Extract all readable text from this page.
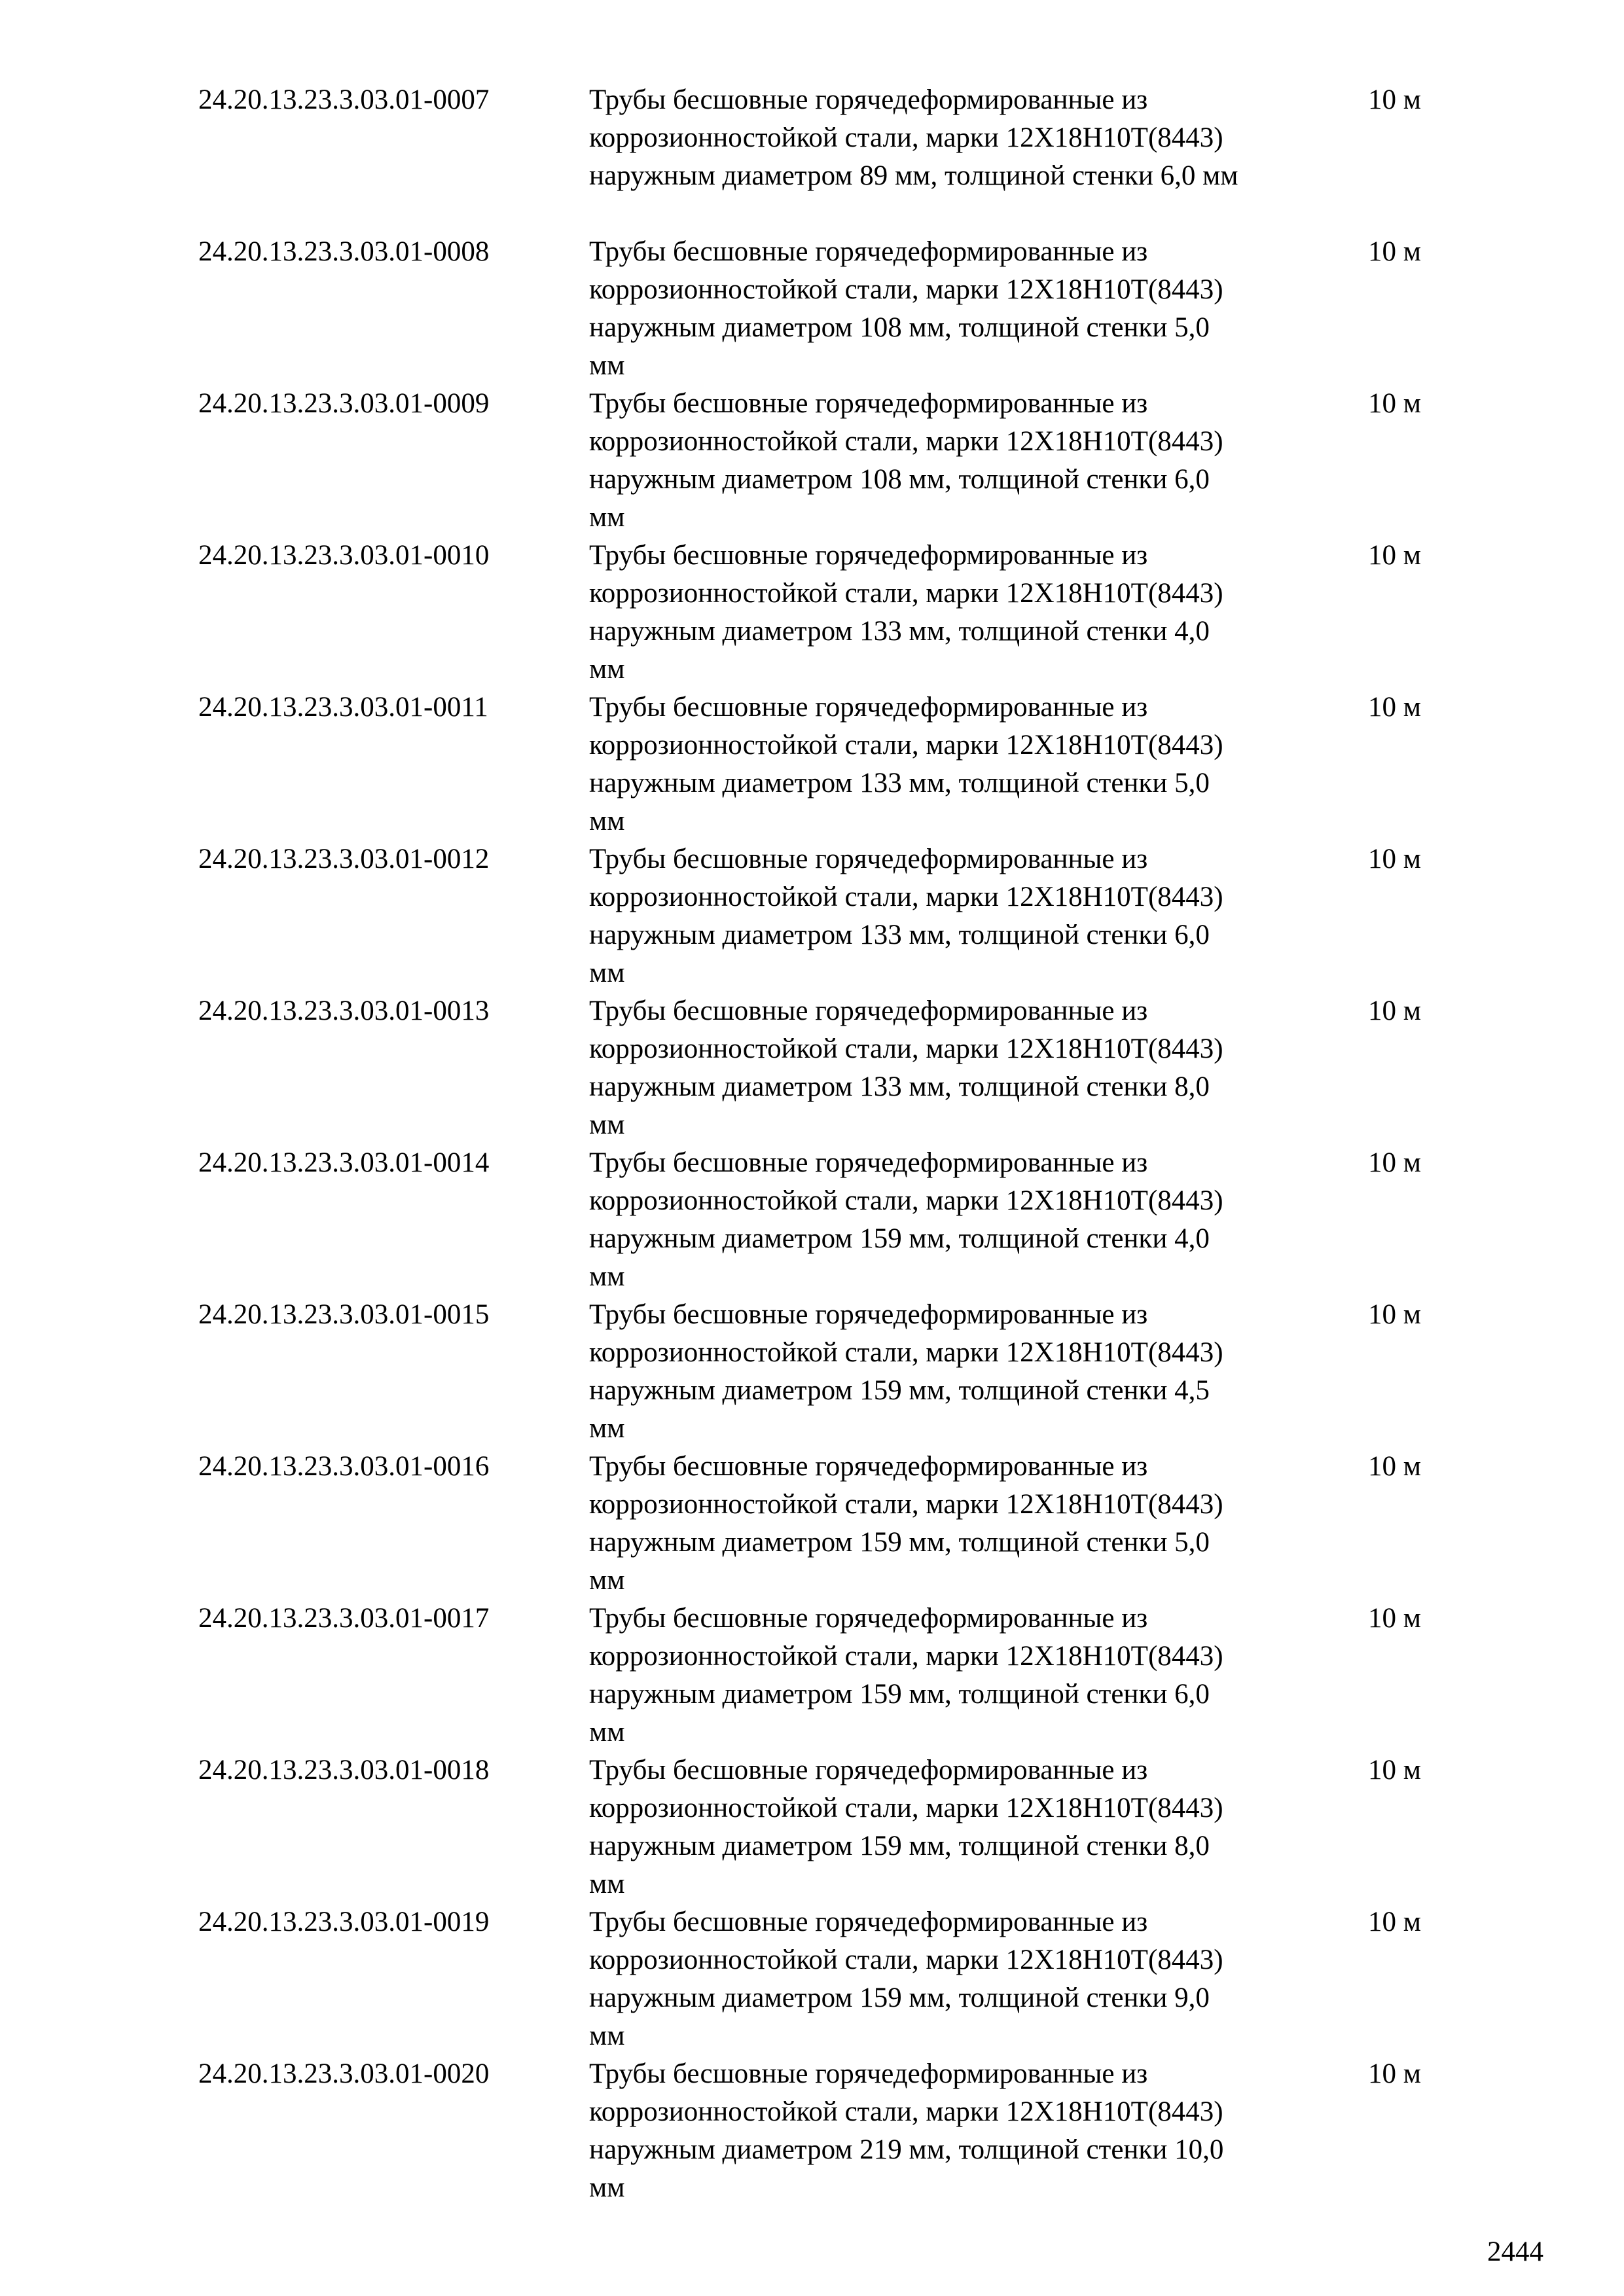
24.20.13.23.3.03.01-0007	Трубы бесшовные горячедеформированные из
коррозионностойкой стали, марки 12Х18Н10Т(8443)
наружным диаметром 89 мм, толщиной стенки 6,0 мм
10 м
24.20.13.23.3.03.01-0008	Трубы бесшовные горячедеформированные из
коррозионностойкой стали, марки 12Х18Н10Т(8443)
наружным диаметром 108 мм, толщиной стенки 5,0
мм
10 м
24.20.13.23.3.03.01-0009	Трубы бесшовные горячедеформированные из
коррозионностойкой стали, марки 12Х18Н10Т(8443)
наружным диаметром 108 мм, толщиной стенки 6,0
мм
10 м
24.20.13.23.3.03.01-0010	Трубы бесшовные горячедеформированные из
коррозионностойкой стали, марки 12Х18Н10Т(8443)
наружным диаметром 133 мм, толщиной стенки 4,0
мм
10 м
24.20.13.23.3.03.01-0011	Трубы бесшовные горячедеформированные из
коррозионностойкой стали, марки 12Х18Н10Т(8443)
наружным диаметром 133 мм, толщиной стенки 5,0
мм
10 м
24.20.13.23.3.03.01-0012	Трубы бесшовные горячедеформированные из
коррозионностойкой стали, марки 12Х18Н10Т(8443)
наружным диаметром 133 мм, толщиной стенки 6,0
мм
10 м
24.20.13.23.3.03.01-0013	Трубы бесшовные горячедеформированные из
коррозионностойкой стали, марки 12Х18Н10Т(8443)
наружным диаметром 133 мм, толщиной стенки 8,0
мм
10 м
24.20.13.23.3.03.01-0014	Трубы бесшовные горячедеформированные из
коррозионностойкой стали, марки 12Х18Н10Т(8443)
наружным диаметром 159 мм, толщиной стенки 4,0
мм
10 м
24.20.13.23.3.03.01-0015	Трубы бесшовные горячедеформированные из
коррозионностойкой стали, марки 12Х18Н10Т(8443)
наружным диаметром 159 мм, толщиной стенки 4,5
мм
10 м
24.20.13.23.3.03.01-0016	Трубы бесшовные горячедеформированные из
коррозионностойкой стали, марки 12Х18Н10Т(8443)
наружным диаметром 159 мм, толщиной стенки 5,0
мм
10 м
24.20.13.23.3.03.01-0017	Трубы бесшовные горячедеформированные из
коррозионностойкой стали, марки 12Х18Н10Т(8443)
наружным диаметром 159 мм, толщиной стенки 6,0
мм
10 м
24.20.13.23.3.03.01-0018	Трубы бесшовные горячедеформированные из
коррозионностойкой стали, марки 12Х18Н10Т(8443)
наружным диаметром 159 мм, толщиной стенки 8,0
мм
10 м
24.20.13.23.3.03.01-0019	Трубы бесшовные горячедеформированные из
коррозионностойкой стали, марки 12Х18Н10Т(8443)
наружным диаметром 159 мм, толщиной стенки 9,0
мм
10 м
24.20.13.23.3.03.01-0020	Трубы бесшовные горячедеформированные из
коррозионностойкой стали, марки 12Х18Н10Т(8443)
наружным диаметром 219 мм, толщиной стенки 10,0
мм
10 м
2444
